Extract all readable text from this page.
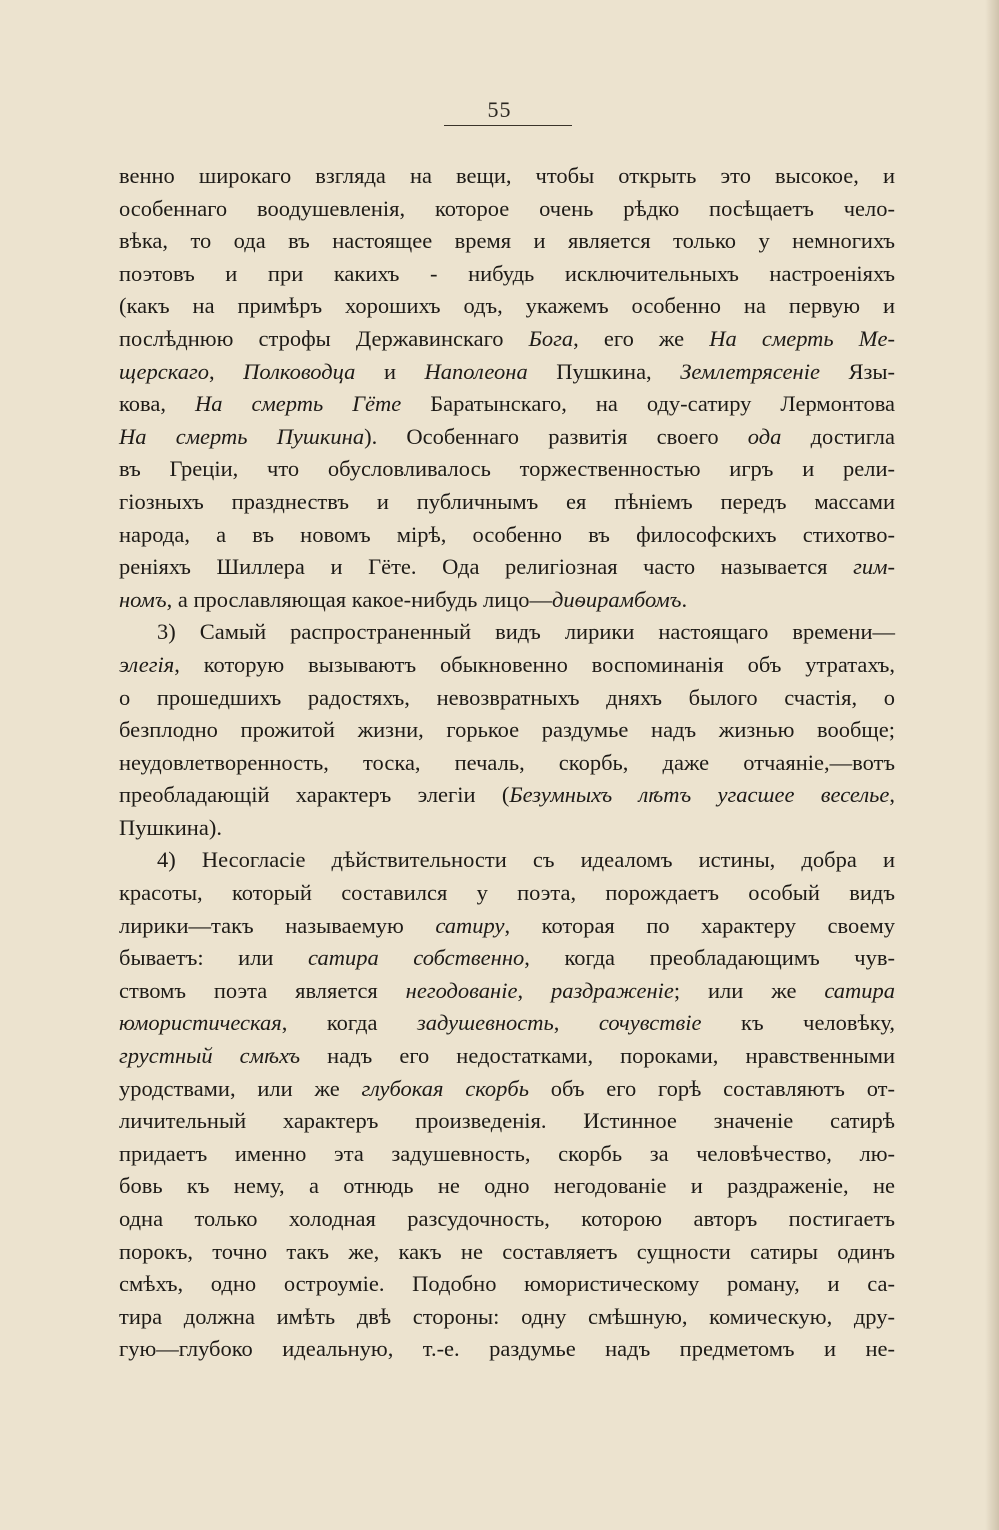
55
венно широкаго взгляда на вещи, чтобы открыть это высокое, и
особеннаго воодушевленія, которое очень рѣдко посѣщаетъ чело-
вѣка, то ода въ настоящее время и является только у немногихъ
поэтовъ и при какихъ - нибудь исключительныхъ настроеніяхъ
(какъ на примѣръ хорошихъ одъ, укажемъ особенно на первую и
послѣднюю строфы Державинскаго Бога, его же На смерть Me-
щерскаго, Полководца и Наполеона Пушкина, Землетрясеніе Язы-
кова, На смерть Гёте Баратынскаго, на оду-сатиру Лермонтова
На смерть Пушкина). Особеннаго развитія своего ода достигла
въ Греціи, что обусловливалось торжественностью игръ и рели-
гіозныхъ празднествъ и публичнымъ ея пѣніемъ передъ массами
народа, а въ новомъ мірѣ, особенно въ философскихъ стихотво-
реніяхъ Шиллера и Гёте. Ода религіозная часто называется гим-
номъ, а прославляющая какое-нибудь лицо—диѳирамбомъ.
3) Самый распространенный видъ лирики настоящаго времени—
элегія, которую вызываютъ обыкновенно воспоминанія объ утратахъ,
о прошедшихъ радостяхъ, невозвратныхъ дняхъ былого счастія, о
безплодно прожитой жизни, горькое раздумье надъ жизнью вообще;
неудовлетворенность, тоска, печаль, скорбь, даже отчаяніе,—вотъ
преобладающій характеръ элегіи (Безумныхъ лѣтъ угасшее веселье,
Пушкина).
4) Несогласіе дѣйствительности съ идеаломъ истины, добра и
красоты, который составился у поэта, порождаетъ особый видъ
лирики—такъ называемую сатиру, которая по характеру своему
бываетъ: или сатира собственно, когда преобладающимъ чув-
ствомъ поэта является негодованіе, раздраженіе; или же сатира
юмористическая, когда задушевность, сочувствіе къ человѣку,
грустный смѣхъ надъ его недостатками, пороками, нравственными
уродствами, или же глубокая скорбь объ его горѣ составляютъ от-
личительный характеръ произведенія. Истинное значеніе сатирѣ
придаетъ именно эта задушевность, скорбь за человѣчество, лю-
бовь къ нему, а отнюдь не одно негодованіе и раздраженіе, не
одна только холодная разсудочность, которою авторъ постигаетъ
порокъ, точно такъ же, какъ не составляетъ сущности сатиры одинъ
смѣхъ, одно остроуміе. Подобно юмористическому роману, и са-
тира должна имѣть двѣ стороны: одну смѣшную, комическую, дру-
гую—глубоко идеальную, т.-е. раздумье надъ предметомъ и не-
